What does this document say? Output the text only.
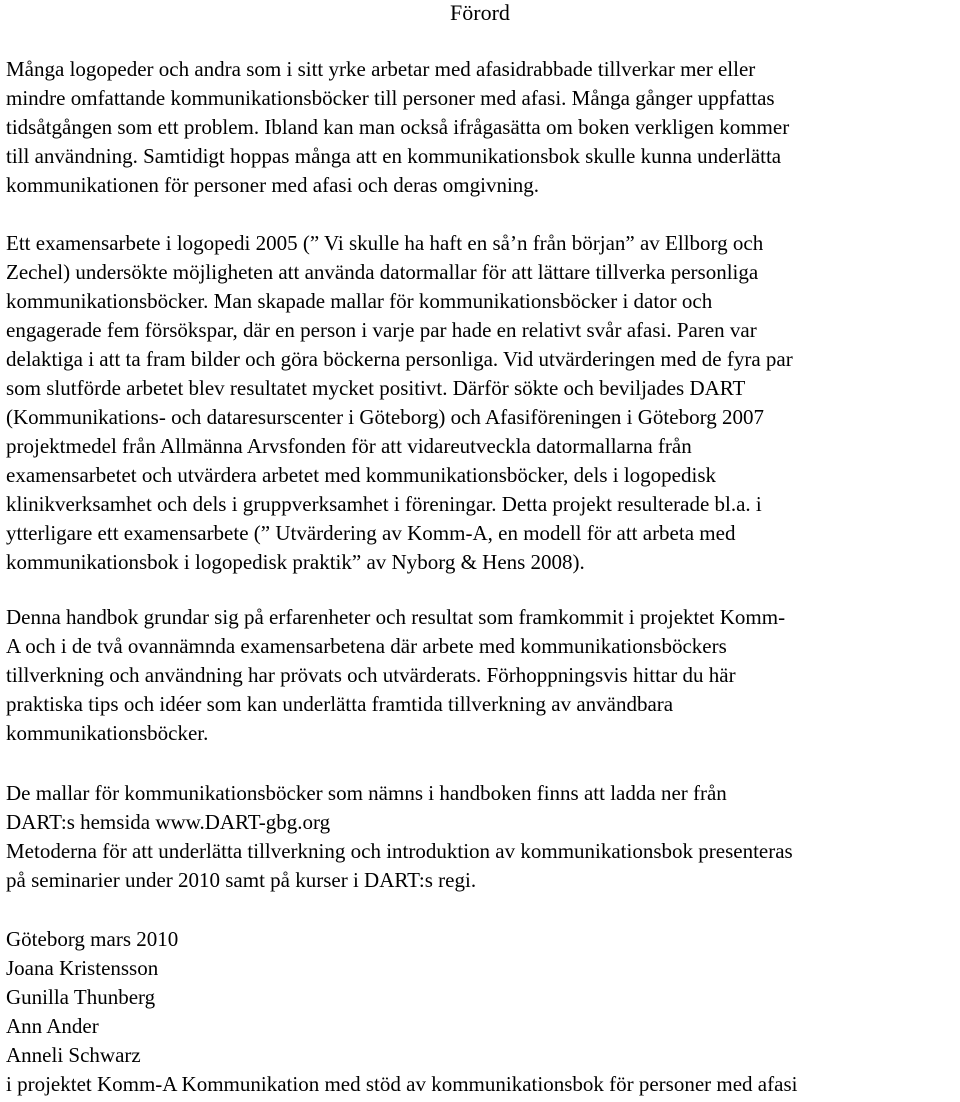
Förord

Många logopeder och andra som i sitt yrke arbetar med afasidrabbade tillverkar mer eller
mindre omfattande kommunikationsböcker till personer med afasi. Många gånger uppfattas
tidsåtgången som ett problem. Ibland kan man också ifrågasätta om boken verkligen kommer
till användning. Samtidigt hoppas många att en kommunikationsbok skulle kunna underlätta
kommunikationen för personer med afasi och deras omgivning.

Ett examensarbete i logopedi 2005 (” Vi skulle ha haft en så’n från början” av Ellborg och
Zechel) undersökte möjligheten att använda datormallar för att lättare tillverka personliga
kommunikationsböcker. Man skapade mallar för kommunikationsböcker i dator och
engagerade fem försökspar, där en person i varje par hade en relativt svår afasi. Paren var
delaktiga i att ta fram bilder och göra böckerna personliga. Vid utvärderingen med de fyra par
som slutförde arbetet blev resultatet mycket positivt. Därför sökte och beviljades DART
(Kommunikations- och dataresurscenter i Göteborg) och Afasiföreningen i Göteborg 2007
projektmedel från Allmänna Arvsfonden för att vidareutveckla datormallarna från
examensarbetet och utvärdera arbetet med kommunikationsböcker, dels i logopedisk
klinikverksamhet och dels i gruppverksamhet i föreningar. Detta projekt resulterade bl.a. i
ytterligare ett examensarbete (” Utvärdering av Komm-A, en modell för att arbeta med
kommunikationsbok i logopedisk praktik” av Nyborg & Hens 2008).

Denna handbok grundar sig på erfarenheter och resultat som framkommit i projektet Komm-
A och i de två ovannämnda examensarbetena där arbete med kommunikationsböckers
tillverkning och användning har prövats och utvärderats. Förhoppningsvis hittar du här
praktiska tips och idéer som kan underlätta framtida tillverkning av användbara
kommunikationsböcker.

De mallar för kommunikationsböcker som nämns i handboken finns att ladda ner från
DART:s hemsida www.DART-gbg.org
Metoderna för att underlätta tillverkning och introduktion av kommunikationsbok presenteras
på seminarier under 2010 samt på kurser i DART:s regi.

Göteborg mars 2010
Joana Kristensson
Gunilla Thunberg
Ann Ander
Anneli Schwarz
i projektet Komm-A Kommunikation med stöd av kommunikationsbok för personer med afasi
